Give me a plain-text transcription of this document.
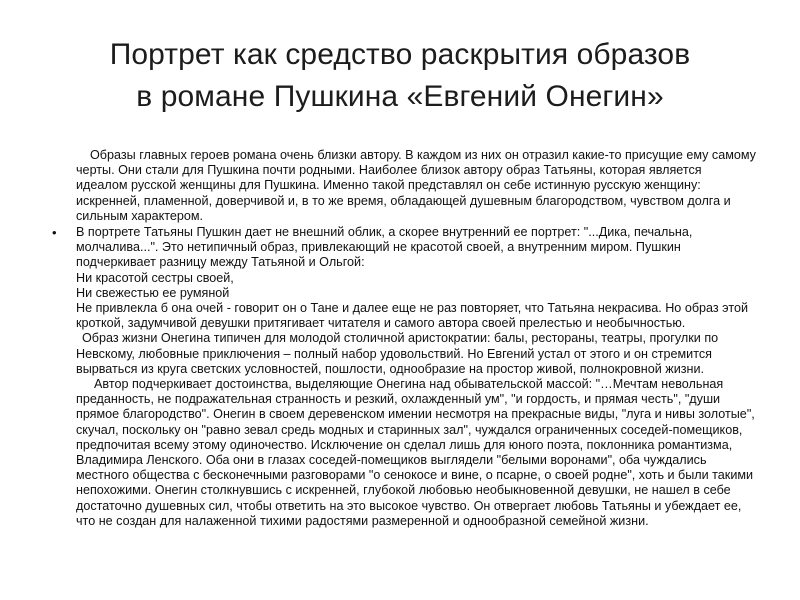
Портрет как средство раскрытия образов
в романе Пушкина «Евгений Онегин»

Образы главных героев романа очень близки автору. В каждом из них он отразил какие-то присущие ему самому черты. Они стали для Пушкина почти родными. Наиболее близок автору образ Татьяны, которая является идеалом русской женщины для Пушкина. Именно такой представлял он себе истинную русскую женщину: искренней, пламенной, доверчивой и, в то же время, обладающей душевным благородством, чувством долга и сильным характером.

• В портрете Татьяны Пушкин дает не внешний облик, а скорее внутренний ее портрет: "...Дика, печальна, молчалива...". Это нетипичный образ, привлекающий не красотой своей, а внутренним миром. Пушкин подчеркивает разницу между Татьяной и Ольгой:

Ни красотой сестры своей,

Ни свежестью ее румяной

Не привлекла б она очей - говорит он о Тане и далее еще не раз повторяет, что Татьяна некрасива. Но образ этой кроткой, задумчивой девушки притягивает читателя и самого автора своей прелестью и необычностью.

Образ жизни Онегина типичен для молодой столичной аристократии: балы, рестораны, театры, прогулки по Невскому, любовные приключения – полный набор удовольствий. Но Евгений устал от этого и он стремится вырваться из круга светских условностей, пошлости, однообразие на простор живой, полнокровной жизни.

Автор подчеркивает достоинства, выделяющие Онегина над обывательской массой: "…Мечтам невольная преданность, не подражательная странность и резкий, охлажденный ум", "и гордость, и прямая честь", "души прямое благородство". Онегин в своем деревенском имении несмотря на прекрасные виды, "луга и нивы золотые", скучал, поскольку он "равно зевал средь модных и старинных зал", чуждался ограниченных соседей-помещиков, предпочитая всему этому одиночество. Исключение он сделал лишь для юного поэта, поклонника романтизма, Владимира Ленского. Оба они в глазах соседей-помещиков выглядели "белыми воронами", оба чуждались местного общества с бесконечными разговорами "о сенокосе и вине, о псарне, о своей родне", хоть и были такими непохожими. Онегин столкнувшись с искренней, глубокой любовью необыкновенной девушки, не нашел в себе достаточно душевных сил, чтобы ответить на это высокое чувство. Он отвергает любовь Татьяны и убеждает ее, что не создан для налаженной тихими радостями размеренной и однообразной семейной жизни.
